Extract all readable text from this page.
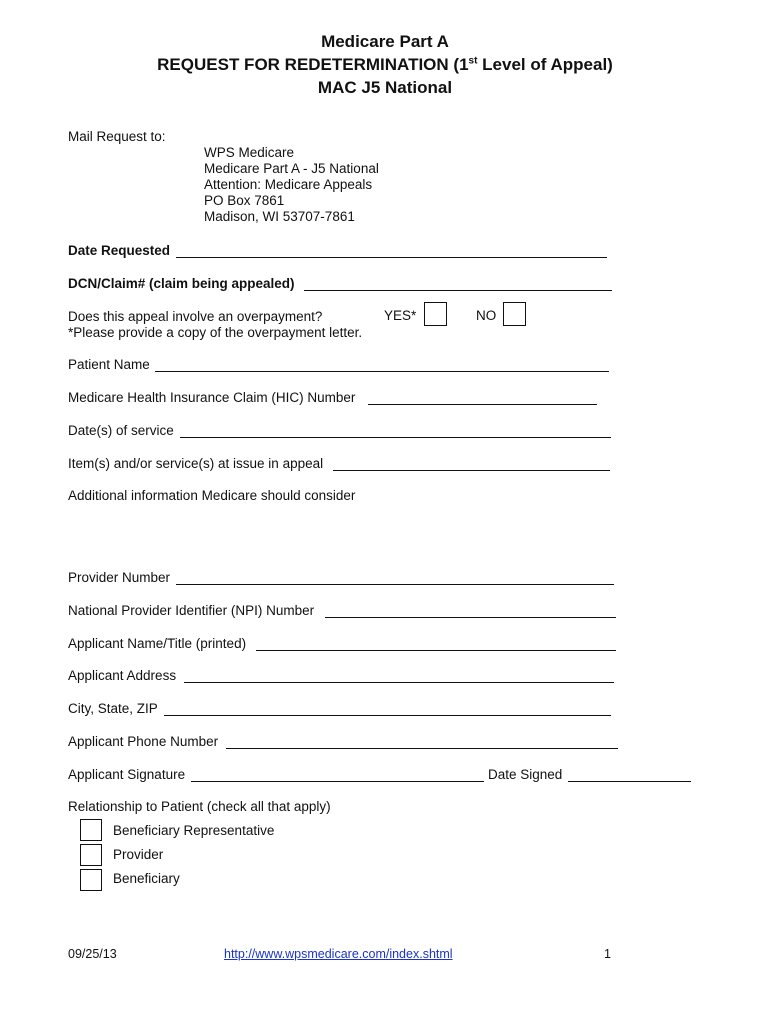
Medicare Part A
REQUEST FOR REDETERMINATION (1st Level of Appeal)
MAC J5 National
Mail Request to:
WPS Medicare
Medicare Part A - J5 National
Attention: Medicare Appeals
PO Box 7861
Madison, WI 53707-7861
Date Requested
DCN/Claim# (claim being appealed)
Does this appeal involve an overpayment?	YES*	NO
*Please provide a copy of the overpayment letter.
Patient Name
Medicare Health Insurance Claim (HIC) Number
Date(s) of service
Item(s) and/or service(s) at issue in appeal
Additional information Medicare should consider
Provider Number
National Provider Identifier (NPI) Number
Applicant Name/Title (printed)
Applicant Address
City, State, ZIP
Applicant Phone Number
Applicant Signature	Date Signed
Relationship to Patient (check all that apply)
Beneficiary Representative
Provider
Beneficiary
09/25/13	http://www.wpsmedicare.com/index.shtml	1
